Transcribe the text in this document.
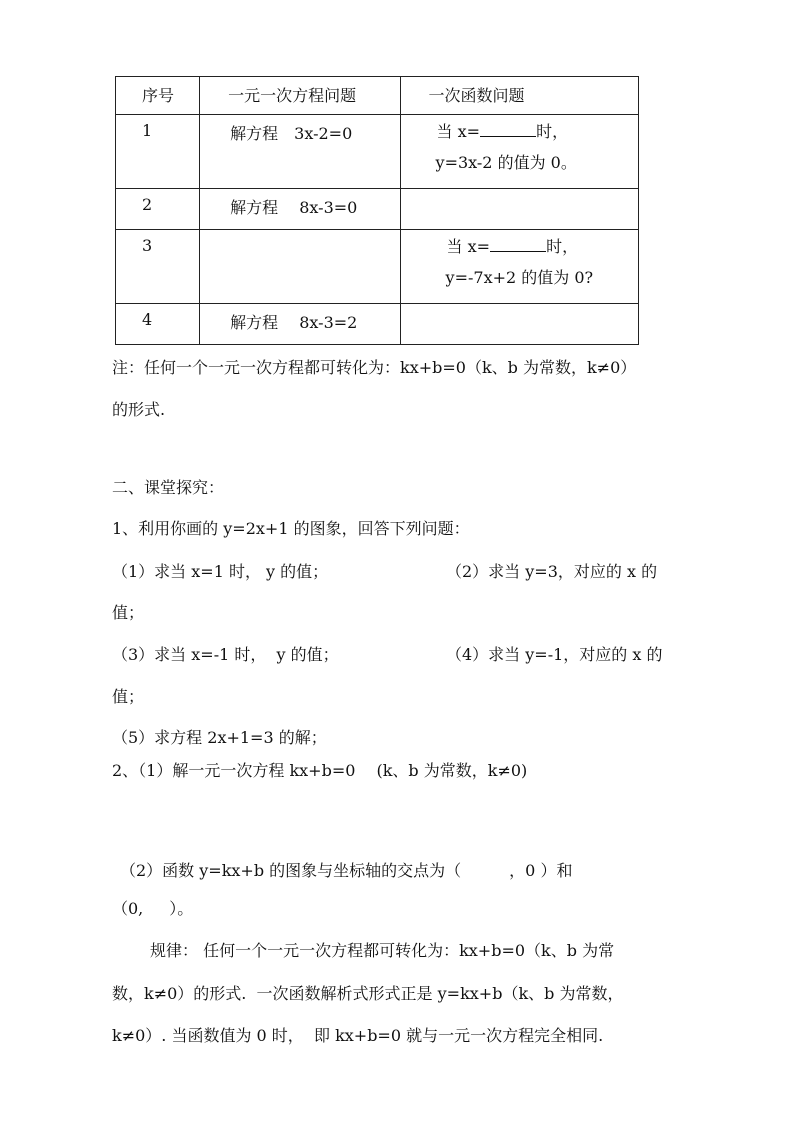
序号	一元一次方程问题	一次函数问题

1	解方程　3x-2=0	当 x= 时，
y=3x-2 的值为 0。

2	解方程　 8x-3=0	

3		当 x= 时，
y=-7x+2 的值为 0?

4	解方程　 8x-3=2	

注：任何一个一元一次方程都可转化为：kx+b=0（k、b 为常数，k≠0）
的形式.
二、课堂探究：
1、利用你画的 y=2x+1 的图象，回答下列问题：
（1）求当 x=1 时， y 的值；	（2）求当 y=3，对应的 x 的
值；
（3）求当 x=-1 时，  y 的值；	（4）求当 y=-1，对应的 x 的
值；
（5）求方程 2x+1=3 的解；
2、（1）解一元一次方程 kx+b=0　 (k、b 为常数，k≠0)
（2）函数 y=kx+b 的图象与坐标轴的交点为（	，0 ）和
（0, ）。
规律： 任何一个一元一次方程都可转化为：kx+b=0（k、b 为常
数，k≠0）的形式.  一次函数解析式形式正是 y=kx+b（k、b 为常数，
k≠0）. 当函数值为 0 时，  即 kx+b=0 就与一元一次方程完全相同.
